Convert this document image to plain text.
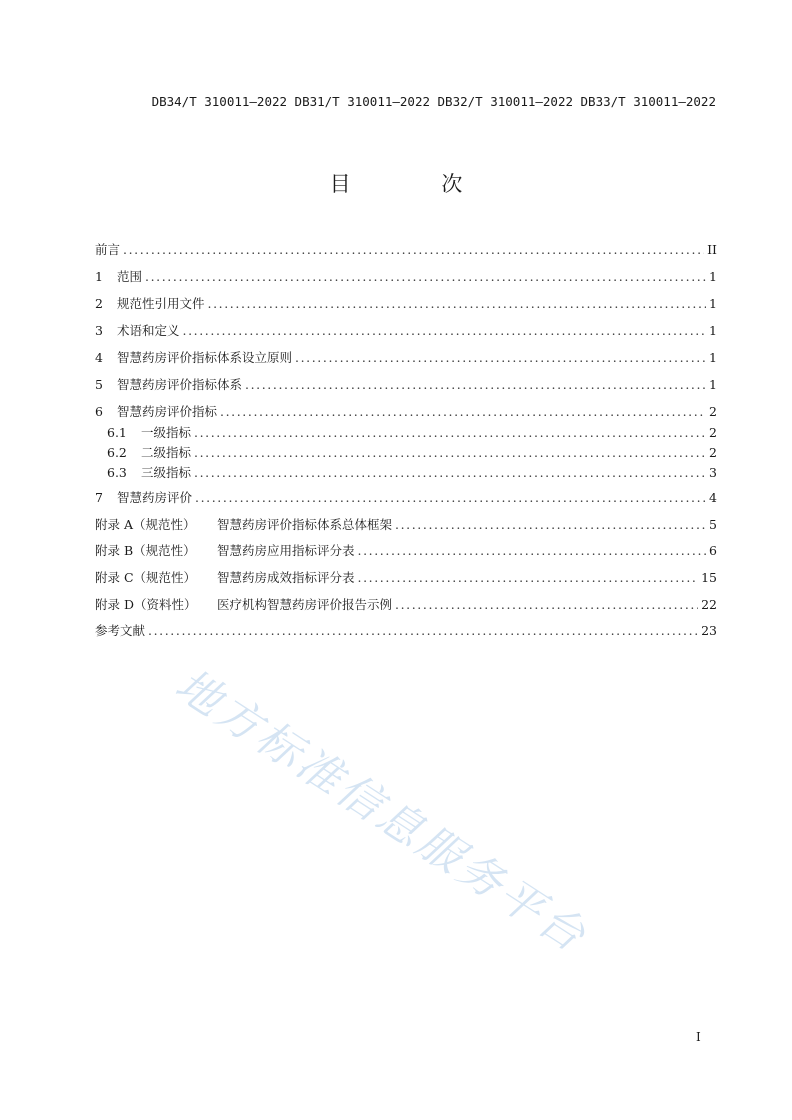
DB34/T 310011—2022 DB31/T 310011—2022 DB32/T 310011—2022 DB33/T 310011—2022
目 次
前言 .....	II
1 范围 .....	1
2 规范性引用文件 .....	1
3 术语和定义 .....	1
4 智慧药房评价指标体系设立原则 .....	1
5 智慧药房评价指标体系 .....	1
6 智慧药房评价指标 .....	2
6.1 一级指标 .....	2
6.2 二级指标 .....	2
6.3 三级指标 .....	3
7 智慧药房评价 .....	4
附录 A（规范性） 智慧药房评价指标体系总体框架 .....	5
附录 B（规范性） 智慧药房应用指标评分表 .....	6
附录 C（规范性） 智慧药房成效指标评分表 .....	15
附录 D（资料性） 医疗机构智慧药房评价报告示例 .....	22
参考文献 .....	23
I
地方标准信息服务平台
